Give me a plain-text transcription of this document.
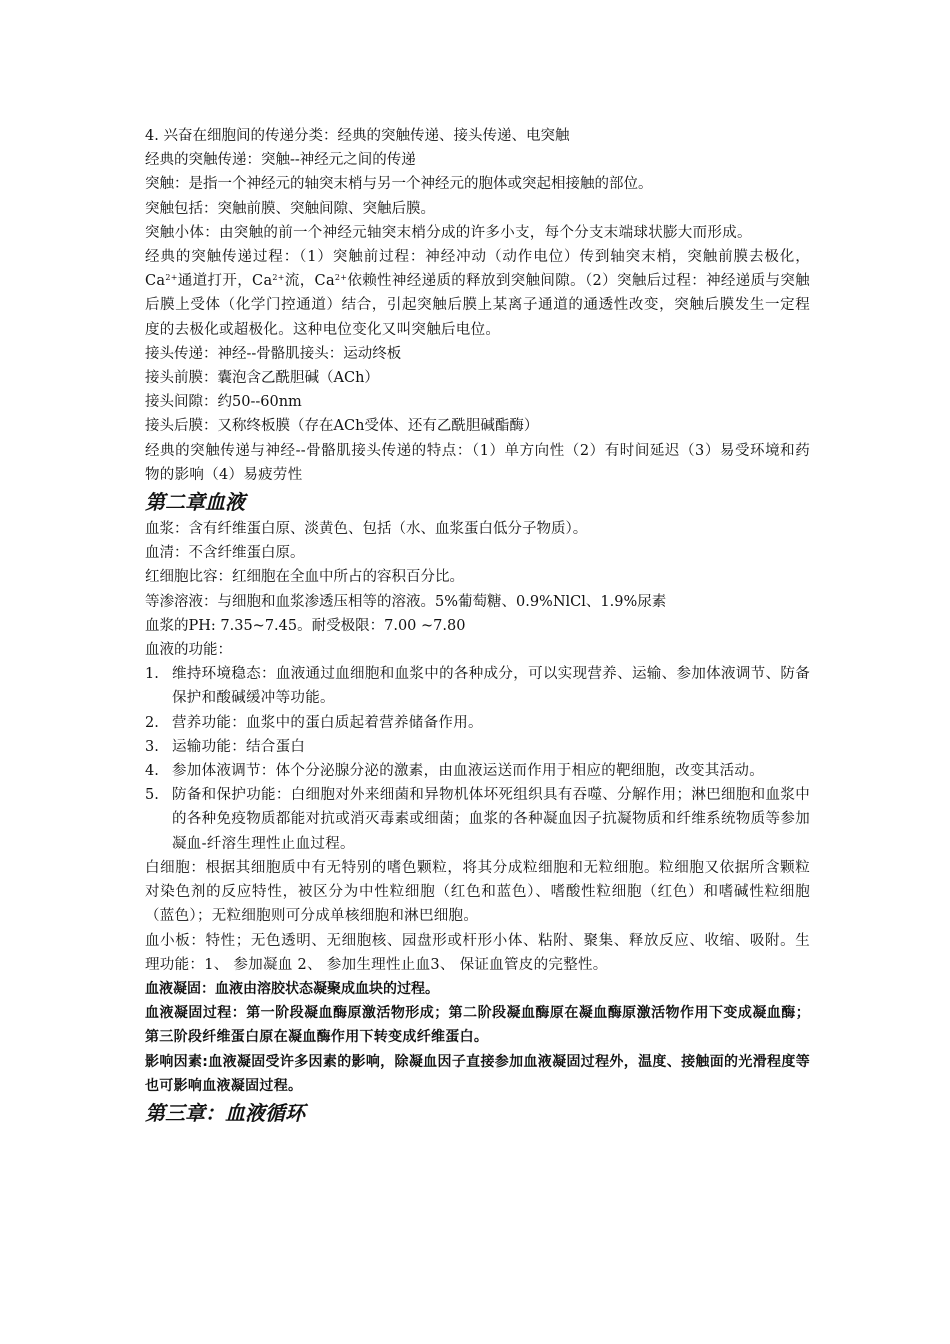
4. 兴奋在细胞间的传递分类：经典的突触传递、接头传递、电突触
经典的突触传递：突触--神经元之间的传递
突触：是指一个神经元的轴突末梢与另一个神经元的胞体或突起相接触的部位。
突触包括：突触前膜、突触间隙、突触后膜。
突触小体：由突触的前一个神经元轴突末梢分成的许多小支，每个分支末端球状膨大而形成。
经典的突触传递过程：（1）突触前过程：神经冲动（动作电位）传到轴突末梢，突触前膜去极化，$Ca^{2+}$通道打开，$Ca^{2+}$流，$Ca^{2+}$依赖性神经递质的释放到突触间隙。（2）突触后过程：神经递质与突触后膜上受体（化学门控通道）结合，引起突触后膜上某离子通道的通透性改变，突触后膜发生一定程度的去极化或超极化。这种电位变化又叫突触后电位。
接头传递：神经--骨骼肌接头：运动终板
接头前膜：囊泡含乙酰胆碱（ACh）
接头间隙：约50--60nm
接头后膜：又称终板膜（存在ACh受体、还有乙酰胆碱酯酶）
经典的突触传递与神经--骨骼肌接头传递的特点：（1）单方向性（2）有时间延迟（3）易受环境和药物的影响（4）易疲劳性
第二章血液
血浆：含有纤维蛋白原、淡黄色、包括（水、血浆蛋白低分子物质）。
血清：不含纤维蛋白原。
红细胞比容：红细胞在全血中所占的容积百分比。
等渗溶液：与细胞和血浆渗透压相等的溶液。5%葡萄糖、0.9%NlCl、1.9%尿素
血浆的PH: 7.35~7.45。耐受极限：7.00 ~7.80
血液的功能：
1. 维持环境稳态：血液通过血细胞和血浆中的各种成分，可以实现营养、运输、参加体液调节、防备保护和酸碱缓冲等功能。
2. 营养功能：血浆中的蛋白质起着营养储备作用。
3. 运输功能：结合蛋白
4. 参加体液调节：体个分泌腺分泌的激素，由血液运送而作用于相应的靶细胞，改变其活动。
5. 防备和保护功能：白细胞对外来细菌和异物机体坏死组织具有吞噬、分解作用；淋巴细胞和血浆中的各种免疫物质都能对抗或消灭毒素或细菌；血浆的各种凝血因子抗凝物质和纤维系统物质等参加凝血-纤溶生理性止血过程。
白细胞：根据其细胞质中有无特别的嗜色颗粒，将其分成粒细胞和无粒细胞。粒细胞又依据所含颗粒对染色剂的反应特性，被区分为中性粒细胞（红色和蓝色）、嗜酸性粒细胞（红色）和嗜碱性粒细胞（蓝色）；无粒细胞则可分成单核细胞和淋巴细胞。
血小板：特性；无色透明、无细胞核、园盘形或杆形小体、粘附、聚集、释放反应、收缩、吸附。生理功能：1、 参加凝血 2、 参加生理性止血3、 保证血管皮的完整性。
血液凝固：血液由溶胶状态凝聚成血块的过程。
血液凝固过程：第一阶段凝血酶原激活物形成；第二阶段凝血酶原在凝血酶原激活物作用下变成凝血酶；第三阶段纤维蛋白原在凝血酶作用下转变成纤维蛋白。
影响因素:血液凝固受许多因素的影响，除凝血因子直接参加血液凝固过程外，温度、接触面的光滑程度等也可影响血液凝固过程。
第三章：血液循环
